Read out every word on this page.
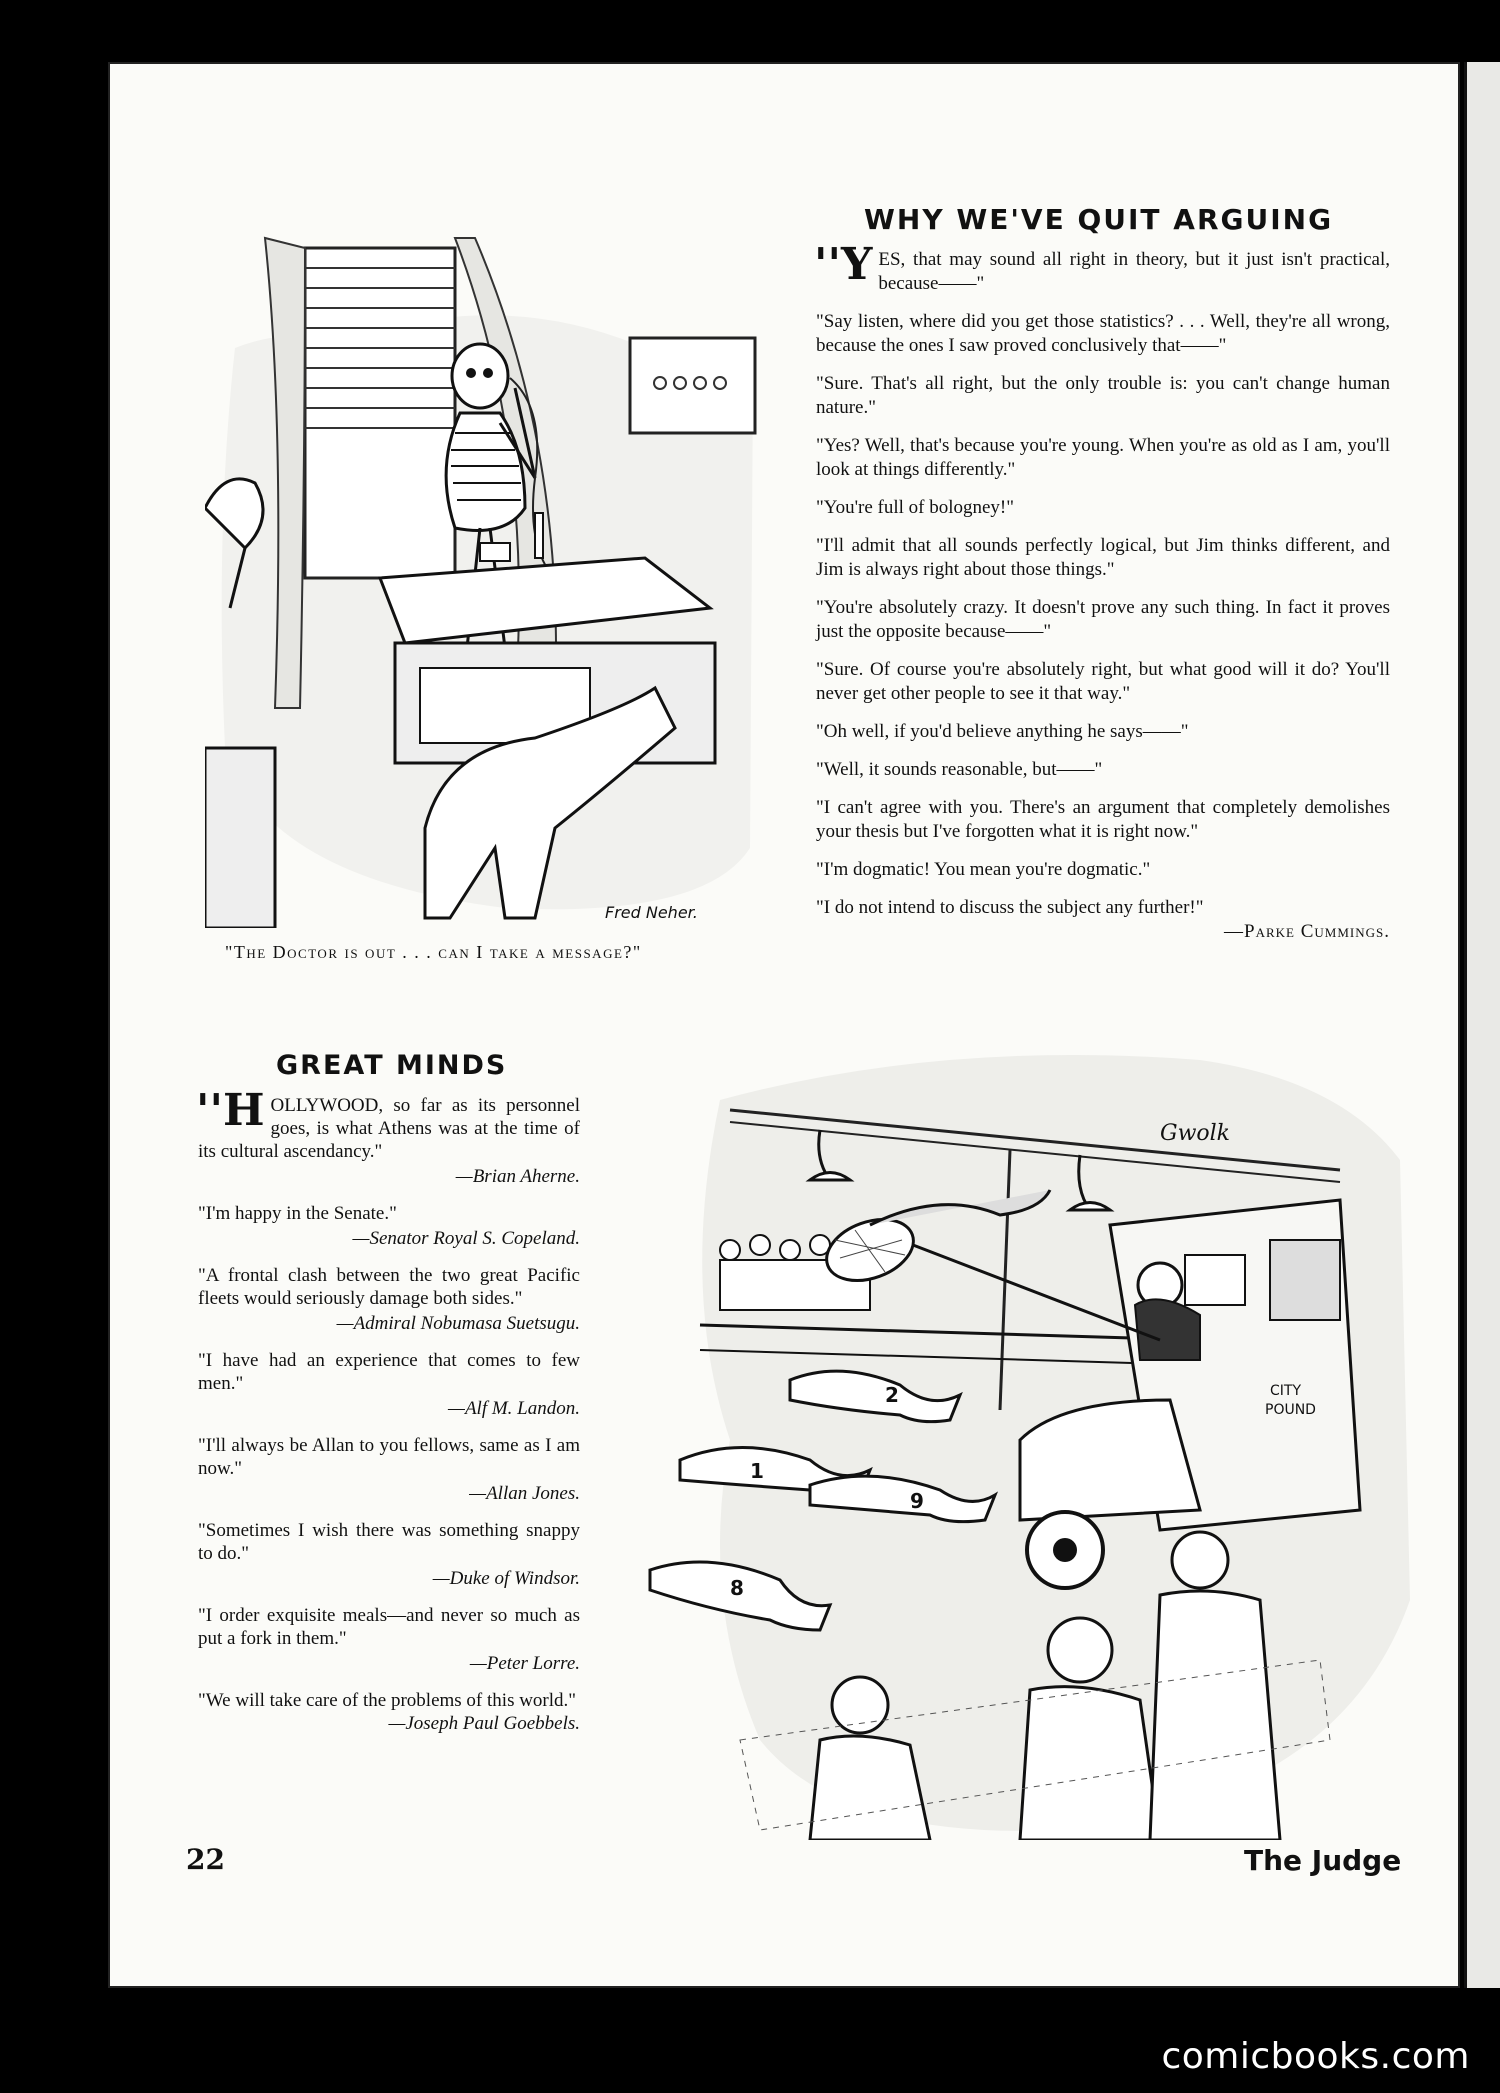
Fred Neher.
"The Doctor is out . . . can I take a message?"
WHY WE'VE QUIT ARGUING

''Y ES, that may sound all right in theory, but it just isn't practical, because——"

"Say listen, where did you get those statistics? . . . Well, they're all wrong, because the ones I saw proved conclusively that——"

"Sure. That's all right, but the only trouble is: you can't change human nature."

"Yes? Well, that's because you're young. When you're as old as I am, you'll look at things differently."

"You're full of bologney!"

"I'll admit that all sounds perfectly logical, but Jim thinks different, and Jim is always right about those things."

"You're absolutely crazy. It doesn't prove any such thing. In fact it proves just the opposite because——"

"Sure. Of course you're absolutely right, but what good will it do? You'll never get other people to see it that way."

"Oh well, if you'd believe anything he says——"

"Well, it sounds reasonable, but——"

"I can't agree with you. There's an argument that completely demolishes your thesis but I've forgotten what it is right now."

"I'm dogmatic! You mean you're dogmatic."

"I do not intend to discuss the subject any further!"

—Parke Cummings.

GREAT MINDS

''H OLLYWOOD, so far as its personnel goes, is what Athens was at the time of its cultural ascendancy."

—Brian Aherne.

"I'm happy in the Senate."

—Senator Royal S. Copeland.

"A frontal clash between the two great Pacific fleets would seriously damage both sides."

—Admiral Nobumasa Suetsugu.

"I have had an experience that comes to few men."

—Alf M. Landon.

"I'll always be Allan to you fellows, same as I am now."

—Allan Jones.

"Sometimes I wish there was something snappy to do."

—Duke of Windsor.

"I order exquisite meals—and never so much as put a fork in them."

—Peter Lorre.

"We will take care of the problems of this world."

—Joseph Paul Goebbels.

CITY
POUND
2
1
9
8
Gwolk
22	The Judge
comicbooks.com
